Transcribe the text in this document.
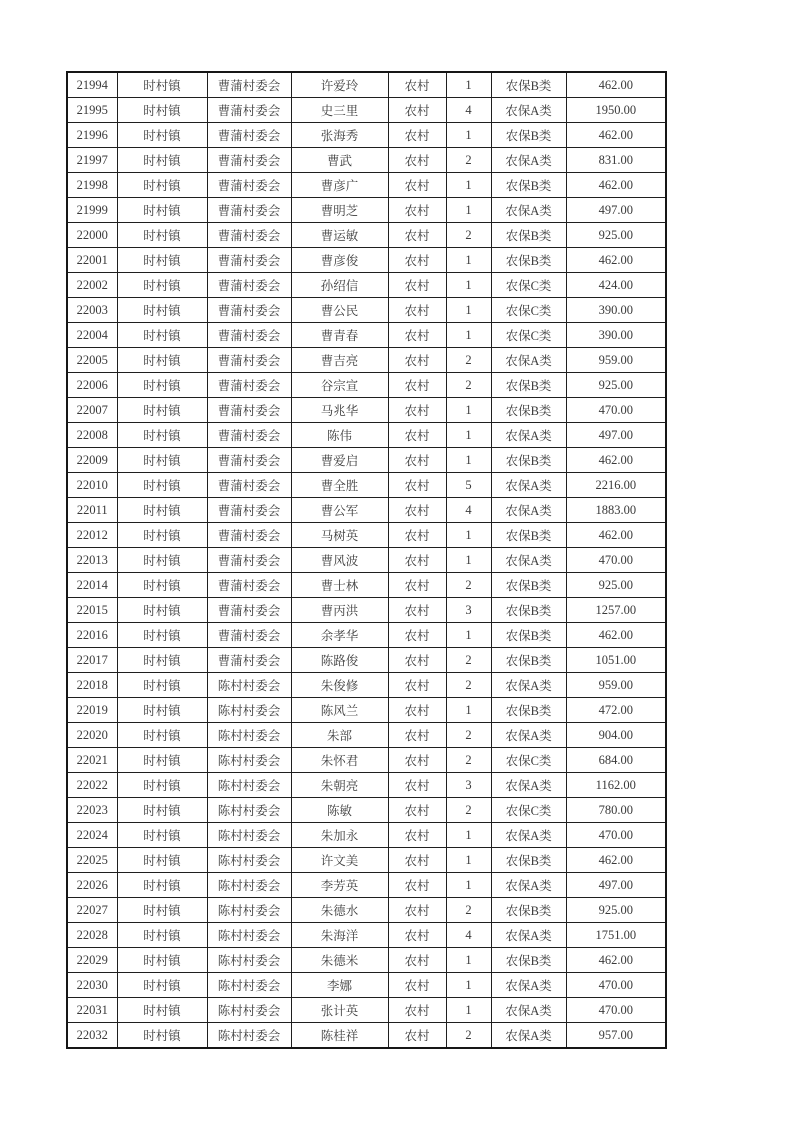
21994	时村镇	曹蒲村委会	许爱玲	农村	1	农保B类	462.00
21995	时村镇	曹蒲村委会	史三里	农村	4	农保A类	1950.00
21996	时村镇	曹蒲村委会	张海秀	农村	1	农保B类	462.00
21997	时村镇	曹蒲村委会	曹武	农村	2	农保A类	831.00
21998	时村镇	曹蒲村委会	曹彦广	农村	1	农保B类	462.00
21999	时村镇	曹蒲村委会	曹明芝	农村	1	农保A类	497.00
22000	时村镇	曹蒲村委会	曹运敏	农村	2	农保B类	925.00
22001	时村镇	曹蒲村委会	曹彦俊	农村	1	农保B类	462.00
22002	时村镇	曹蒲村委会	孙绍信	农村	1	农保C类	424.00
22003	时村镇	曹蒲村委会	曹公民	农村	1	农保C类	390.00
22004	时村镇	曹蒲村委会	曹青春	农村	1	农保C类	390.00
22005	时村镇	曹蒲村委会	曹吉亮	农村	2	农保A类	959.00
22006	时村镇	曹蒲村委会	谷宗宣	农村	2	农保B类	925.00
22007	时村镇	曹蒲村委会	马兆华	农村	1	农保B类	470.00
22008	时村镇	曹蒲村委会	陈伟	农村	1	农保A类	497.00
22009	时村镇	曹蒲村委会	曹爱启	农村	1	农保B类	462.00
22010	时村镇	曹蒲村委会	曹全胜	农村	5	农保A类	2216.00
22011	时村镇	曹蒲村委会	曹公军	农村	4	农保A类	1883.00
22012	时村镇	曹蒲村委会	马树英	农村	1	农保B类	462.00
22013	时村镇	曹蒲村委会	曹风波	农村	1	农保A类	470.00
22014	时村镇	曹蒲村委会	曹士林	农村	2	农保B类	925.00
22015	时村镇	曹蒲村委会	曹丙洪	农村	3	农保B类	1257.00
22016	时村镇	曹蒲村委会	余孝华	农村	1	农保B类	462.00
22017	时村镇	曹蒲村委会	陈路俊	农村	2	农保B类	1051.00
22018	时村镇	陈村村委会	朱俊修	农村	2	农保A类	959.00
22019	时村镇	陈村村委会	陈风兰	农村	1	农保B类	472.00
22020	时村镇	陈村村委会	朱部	农村	2	农保A类	904.00
22021	时村镇	陈村村委会	朱怀君	农村	2	农保C类	684.00
22022	时村镇	陈村村委会	朱朝亮	农村	3	农保A类	1162.00
22023	时村镇	陈村村委会	陈敏	农村	2	农保C类	780.00
22024	时村镇	陈村村委会	朱加永	农村	1	农保A类	470.00
22025	时村镇	陈村村委会	许文美	农村	1	农保B类	462.00
22026	时村镇	陈村村委会	李芳英	农村	1	农保A类	497.00
22027	时村镇	陈村村委会	朱德水	农村	2	农保B类	925.00
22028	时村镇	陈村村委会	朱海洋	农村	4	农保A类	1751.00
22029	时村镇	陈村村委会	朱德米	农村	1	农保B类	462.00
22030	时村镇	陈村村委会	李娜	农村	1	农保A类	470.00
22031	时村镇	陈村村委会	张计英	农村	1	农保A类	470.00
22032	时村镇	陈村村委会	陈桂祥	农村	2	农保A类	957.00
